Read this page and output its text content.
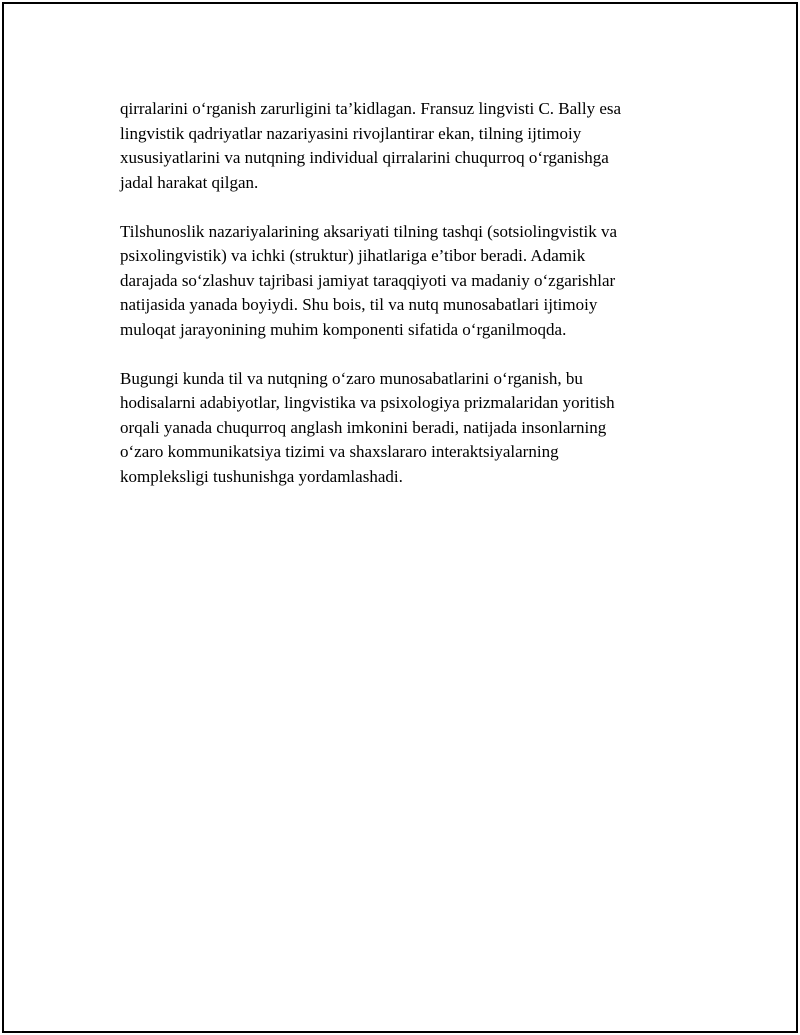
qirralarini o‘rganish zarurligini ta’kidlagan. Fransuz lingvisti C. Bally esa
lingvistik qadriyatlar nazariyasini rivojlantirar ekan, tilning ijtimoiy
xususiyatlarini va nutqning individual qirralarini chuqurroq o‘rganishga
jadal harakat qilgan.

Tilshunoslik nazariyalarining aksariyati tilning tashqi (sotsiolingvistik va
psixolingvistik) va ichki (struktur) jihatlariga e’tibor beradi. Adamik
darajada so‘zlashuv tajribasi jamiyat taraqqiyoti va madaniy o‘zgarishlar
natijasida yanada boyiydi. Shu bois, til va nutq munosabatlari ijtimoiy
muloqat jarayonining muhim komponenti sifatida o‘rganilmoqda.

Bugungi kunda til va nutqning o‘zaro munosabatlarini o‘rganish, bu
hodisalarni adabiyotlar, lingvistika va psixologiya prizmalaridan yoritish
orqali yanada chuqurroq anglash imkonini beradi, natijada insonlarning
o‘zaro kommunikatsiya tizimi va shaxslararo interaktsiyalarning
kompleksligi tushunishga yordamlashadi.
